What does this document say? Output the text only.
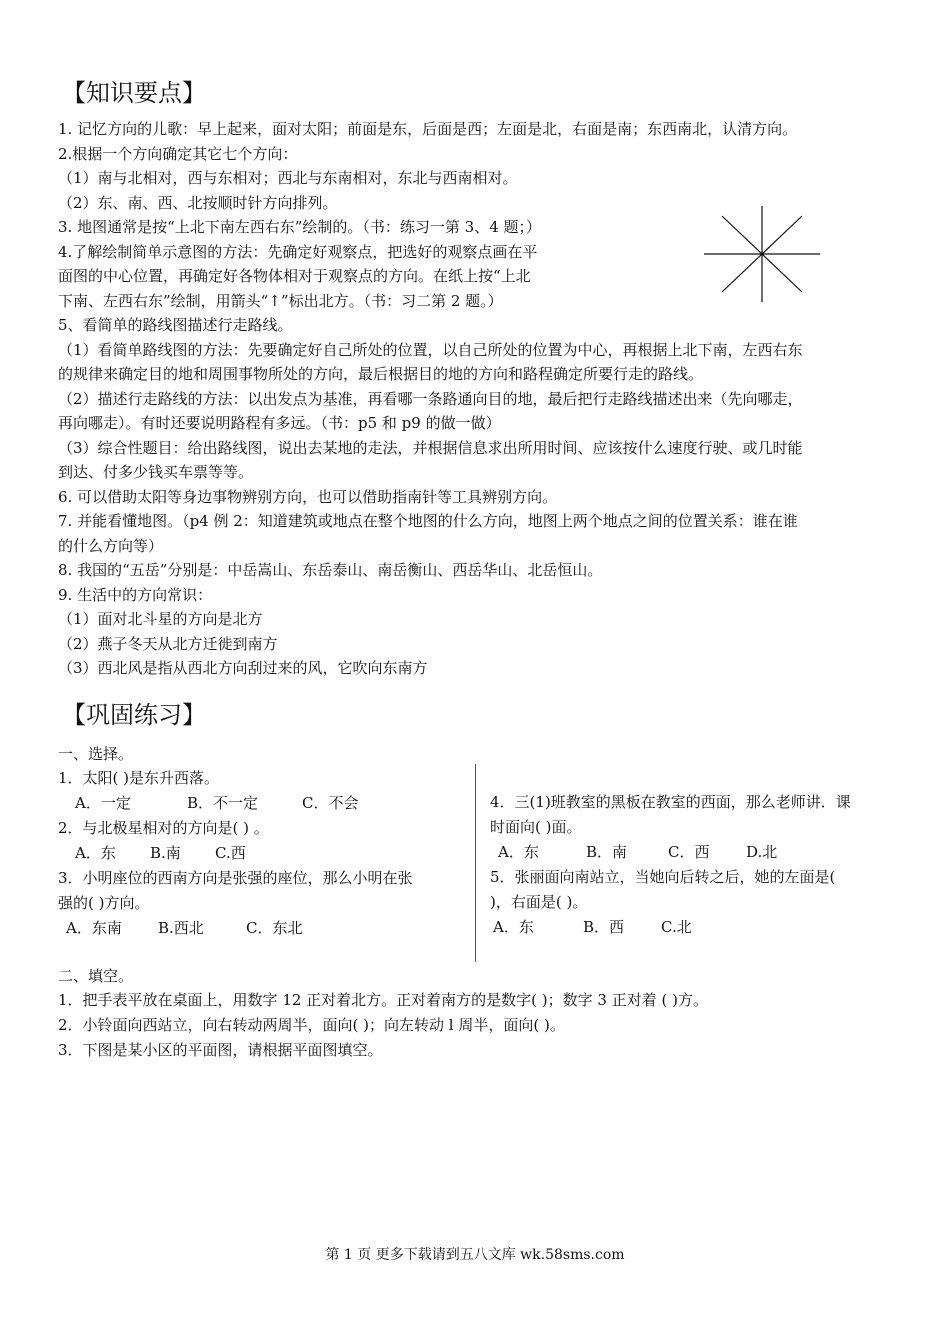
【知识要点】
1. 记忆方向的儿歌：早上起来，面对太阳；前面是东，后面是西；左面是北，右面是南；东西南北，认清方向。
2.根据一个方向确定其它七个方向：
（1）南与北相对，西与东相对；西北与东南相对，东北与西南相对。
（2）东、南、西、北按顺时针方向排列。
3. 地图通常是按“上北下南左西右东”绘制的。（书：练习一第 3、4 题；）
4.了解绘制简单示意图的方法：先确定好观察点，把选好的观察点画在平
面图的中心位置，再确定好各物体相对于观察点的方向。在纸上按“上北
下南、左西右东”绘制，用箭头“↑”标出北方。（书：习二第 2 题。）
5、看简单的路线图描述行走路线。
（1）看简单路线图的方法：先要确定好自己所处的位置，以自己所处的位置为中心，再根据上北下南，左西右东
的规律来确定目的地和周围事物所处的方向，最后根据目的地的方向和路程确定所要行走的路线。
（2）描述行走路线的方法：以出发点为基准，再看哪一条路通向目的地，最后把行走路线描述出来（先向哪走，
再向哪走）。有时还要说明路程有多远。（书：p5 和 p9 的做一做）
（3）综合性题目：给出路线图，说出去某地的走法，并根据信息求出所用时间、应该按什么速度行驶、或几时能
到达、付多少钱买车票等等。
6. 可以借助太阳等身边事物辨别方向，也可以借助指南针等工具辨别方向。
7. 并能看懂地图。（p4 例 2：知道建筑或地点在整个地图的什么方向，地图上两个地点之间的位置关系：谁在谁
的什么方向等）
8. 我国的“五岳”分别是：中岳嵩山、东岳泰山、南岳衡山、西岳华山、北岳恒山。
9. 生活中的方向常识：
（1）面对北斗星的方向是北方
（2）燕子冬天从北方迁徙到南方
（3）西北风是指从西北方向刮过来的风，它吹向东南方
【巩固练习】
一、选择。
1．太阳( )是东升西落。
A．一定	B．不一定	C．不会
2．与北极星相对的方向是( ) 。
A．东 B.南 C.西
3．小明座位的西南方向是张强的座位，那么小明在张
强的( )方向。
A．东南 B.西北	C．东北
4．三(1)班教室的黑板在教室的西面，那么老师讲．课
时面向( )面。
A．东	B．南	C．西 D.北
5．张丽面向南站立，当她向后转之后，她的左面是(
)，右面是( )。
A．东	B．西 C.北
二、填空。
1．把手表平放在桌面上，用数字 12 正对着北方。正对着南方的是数字( )；数字 3 正对着 ( )方。
2．小铃面向西站立，向右转动两周半，面向( )；向左转动 l 周半，面向( )。
3．下图是某小区的平面图，请根据平面图填空。
第 1 页 更多下载请到五八文库 wk.58sms.com
